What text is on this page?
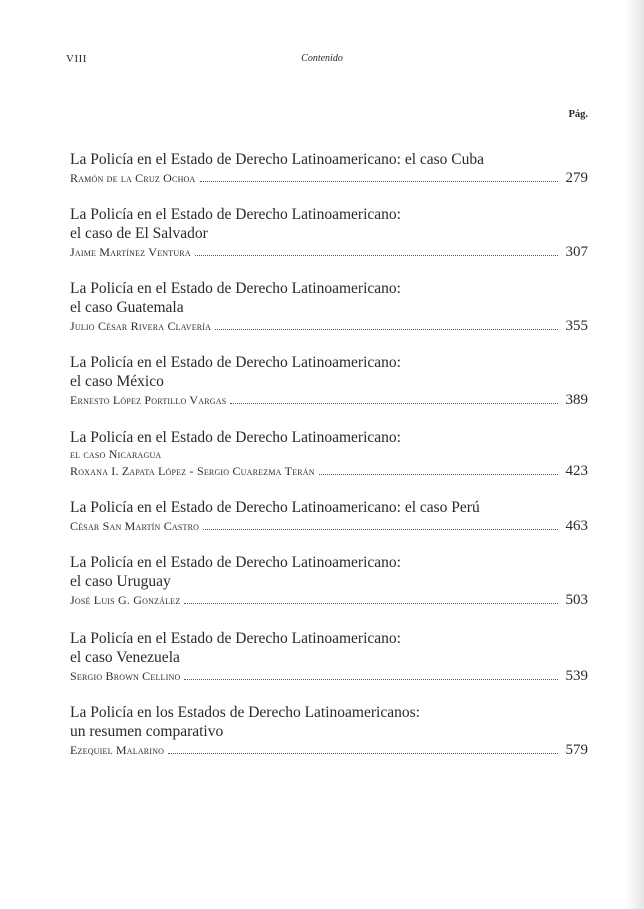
VIII	Contenido
Pág.
La Policía en el Estado de Derecho Latinoamericano: el caso Cuba
Ramón de la Cruz Ochoa	279
La Policía en el Estado de Derecho Latinoamericano:
el caso de El Salvador
Jaime Martínez Ventura	307
La Policía en el Estado de Derecho Latinoamericano:
el caso Guatemala
Julio César Rivera Clavería	355
La Policía en el Estado de Derecho Latinoamericano:
el caso México
Ernesto López Portillo Vargas	389
La Policía en el Estado de Derecho Latinoamericano:
el caso Nicaragua
Roxana I. Zapata López - Sergio Cuarezma Terán	423
La Policía en el Estado de Derecho Latinoamericano: el caso Perú
César San Martín Castro	463
La Policía en el Estado de Derecho Latinoamericano:
el caso Uruguay
José Luis G. González	503
La Policía en el Estado de Derecho Latinoamericano:
el caso Venezuela
Sergio Brown Cellino	539
La Policía en los Estados de Derecho Latinoamericanos:
un resumen comparativo
Ezequiel Malarino	579
